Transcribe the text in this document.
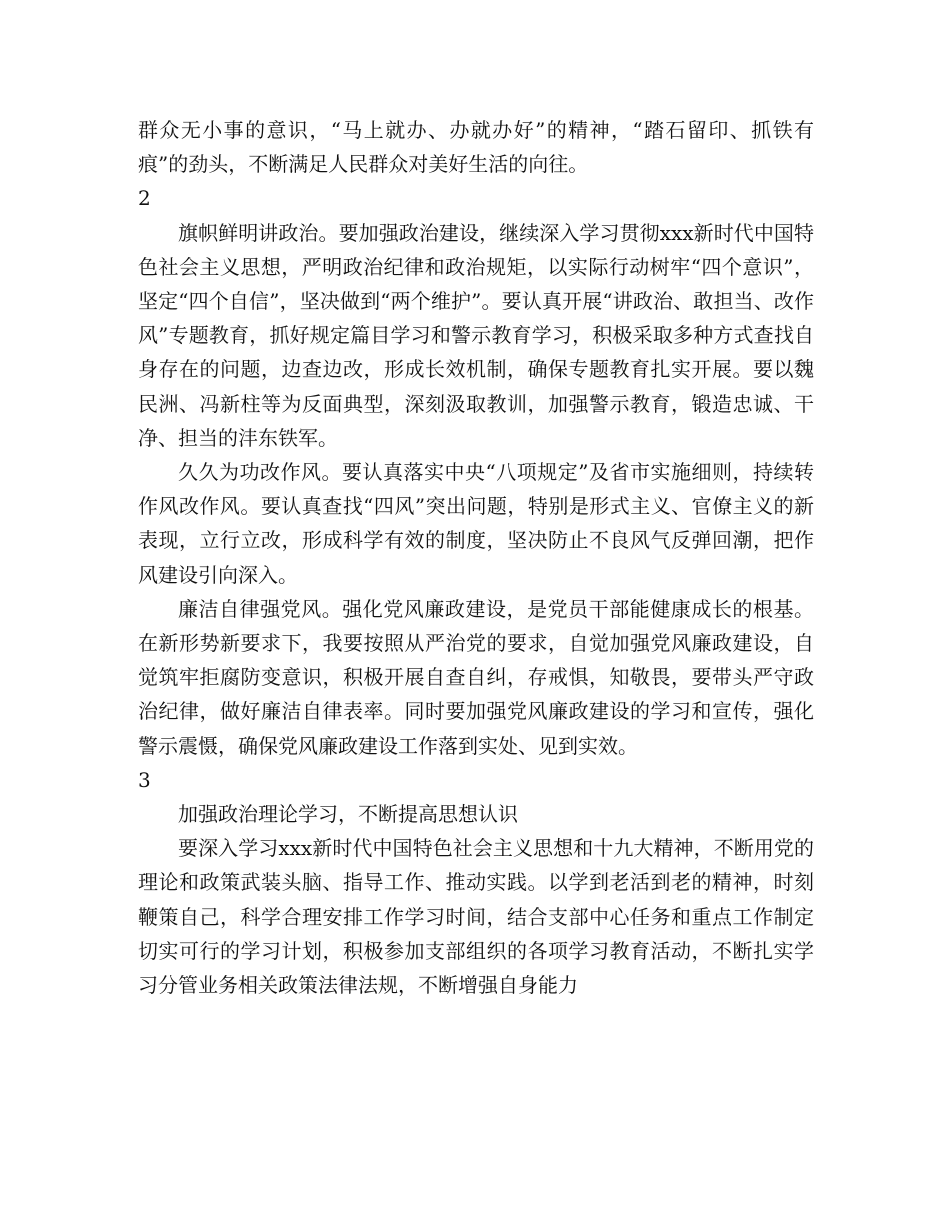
群众无小事的意识，“马上就办、办就办好”的精神，“踏石留印、抓铁有痕”的劲头，不断满足人民群众对美好生活的向往。

2

旗帜鲜明讲政治。要加强政治建设，继续深入学习贯彻xxx新时代中国特色社会主义思想，严明政治纪律和政治规矩，以实际行动树牢“四个意识”，坚定“四个自信”，坚决做到“两个维护”。要认真开展“讲政治、敢担当、改作风”专题教育，抓好规定篇目学习和警示教育学习，积极采取多种方式查找自身存在的问题，边查边改，形成长效机制，确保专题教育扎实开展。要以魏民洲、冯新柱等为反面典型，深刻汲取教训，加强警示教育，锻造忠诚、干净、担当的沣东铁军。

久久为功改作风。要认真落实中央“八项规定”及省市实施细则，持续转作风改作风。要认真查找“四风”突出问题，特别是形式主义、官僚主义的新表现，立行立改，形成科学有效的制度，坚决防止不良风气反弹回潮，把作风建设引向深入。

廉洁自律强党风。强化党风廉政建设，是党员干部能健康成长的根基。在新形势新要求下，我要按照从严治党的要求，自觉加强党风廉政建设，自觉筑牢拒腐防变意识，积极开展自查自纠，存戒惧，知敬畏，要带头严守政治纪律，做好廉洁自律表率。同时要加强党风廉政建设的学习和宣传，强化警示震慑，确保党风廉政建设工作落到实处、见到实效。

3

加强政治理论学习，不断提高思想认识

要深入学习xxx新时代中国特色社会主义思想和十九大精神，不断用党的理论和政策武装头脑、指导工作、推动实践。以学到老活到老的精神，时刻鞭策自己，科学合理安排工作学习时间，结合支部中心任务和重点工作制定切实可行的学习计划，积极参加支部组织的各项学习教育活动，不断扎实学习分管业务相关政策法律法规，不断增强自身能力
